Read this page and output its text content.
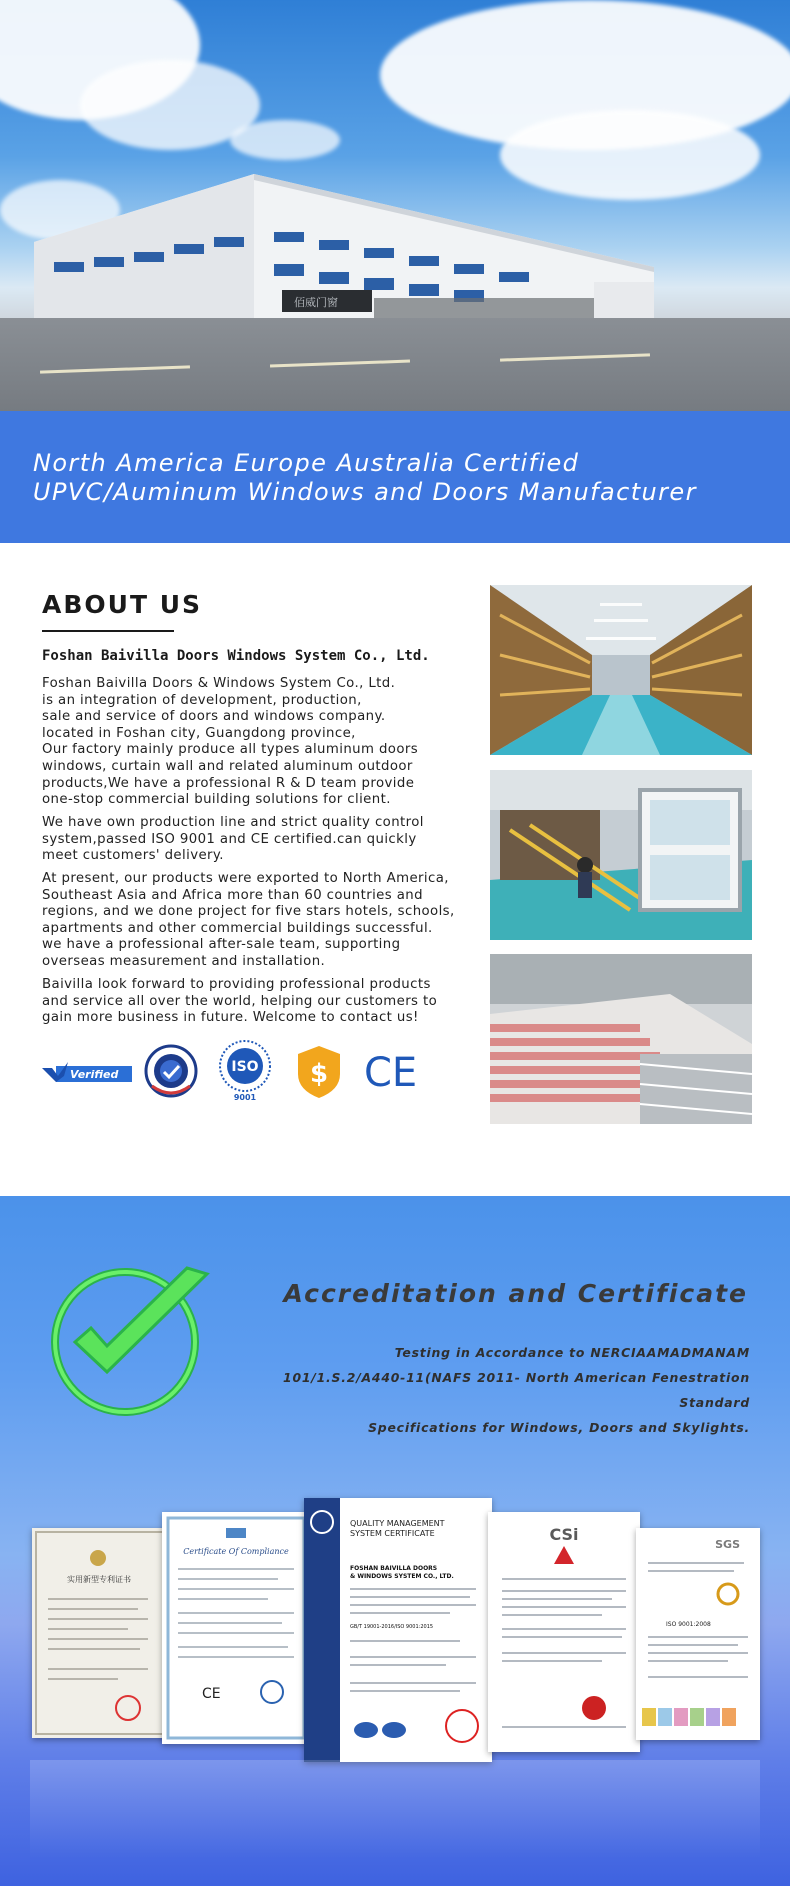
佰威门窗
North America Europe Australia Certified
UPVC/Auminum Windows and Doors Manufacturer
ABOUT US
Foshan Baivilla Doors Windows System Co., Ltd.
Foshan Baivilla Doors & Windows System Co., Ltd.
is an integration of development, production,
sale and service of doors and windows company.
located in Foshan city, Guangdong province,
Our factory mainly produce all types aluminum doors
windows, curtain wall and related aluminum outdoor
products,We have a professional R & D team provide
one-stop commercial building solutions for client.
We have own production line and strict quality control
system,passed ISO 9001 and CE certified.can quickly
meet customers' delivery.
At present, our products were exported to North America,
Southeast Asia and Africa more than 60 countries and
regions, and we done project for five stars hotels, schools,
apartments and other commercial buildings successful.
we have a professional after-sale team, supporting
overseas measurement and installation.
Baivilla look forward to providing professional products
and service all over the world, helping our customers to
gain more business in future. Welcome to contact us!
Verified	ISO
9001
$ CE
Accreditation and Certificate
Testing in Accordance to NERCIAAMADMANAM
101/1.S.2/A440-11(NAFS 2011- North American Fenestration Standard
Specifications for Windows, Doors and Skylights.
实用新型专利证书
Certificate Of Compliance
CE
QUALITY MANAGEMENT
SYSTEM CERTIFICATE
FOSHAN BAIVILLA DOORS
& WINDOWS SYSTEM CO., LTD.
GB/T 19001-2016/ISO 9001:2015
CSi
SGS
ISO 9001:2008
